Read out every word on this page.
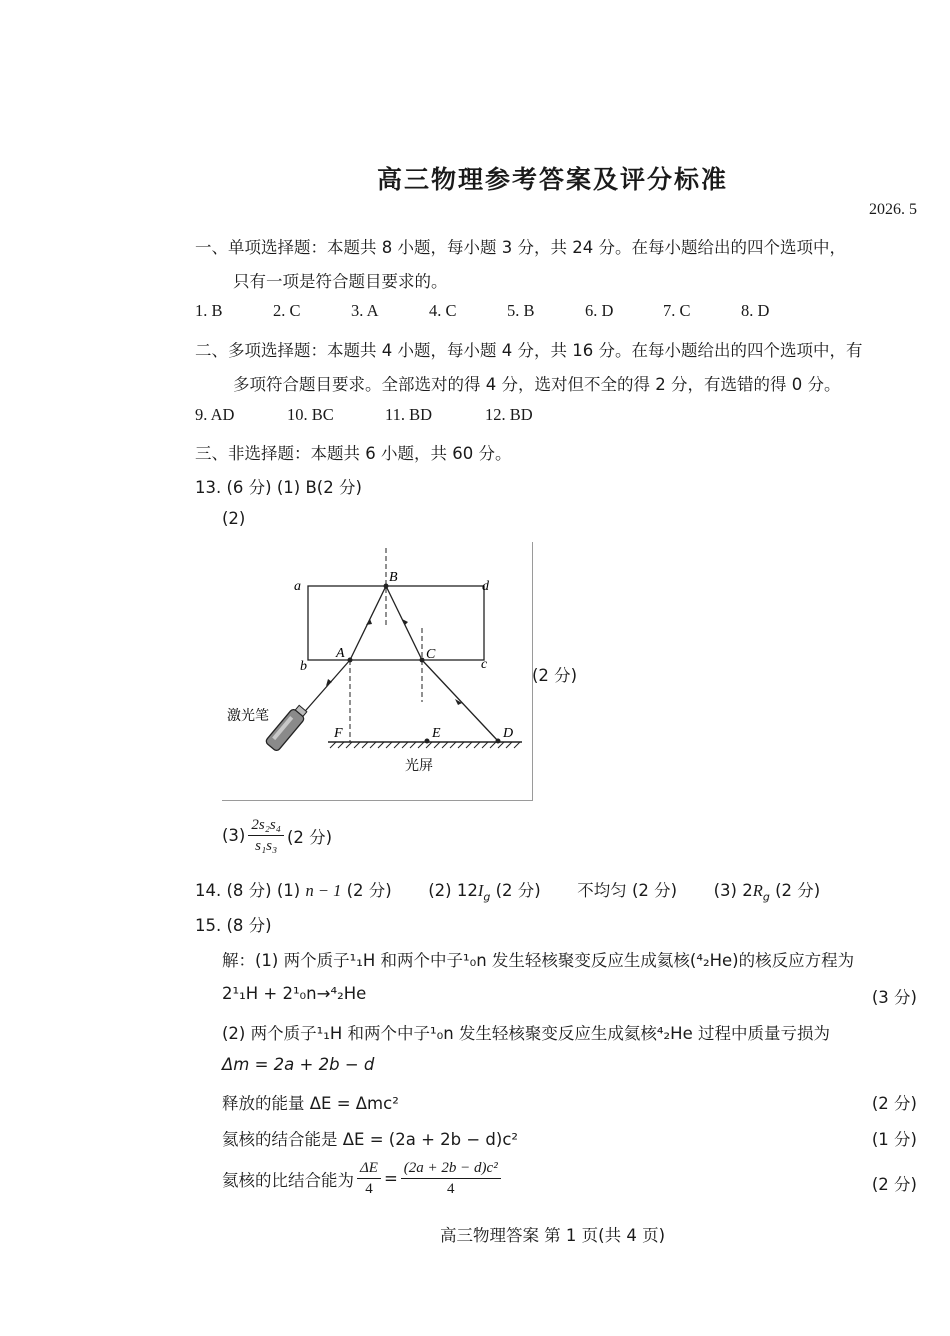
高三物理参考答案及评分标准
2026. 5
一、单项选择题：本题共 8 小题，每小题 3 分，共 24 分。在每小题给出的四个选项中，
只有一项是符合题目要求的。
1. B	2. C	3. A	4. C	5. B	6. D	7. C	8. D
二、多项选择题：本题共 4 小题，每小题 4 分，共 16 分。在每小题给出的四个选项中，有
多项符合题目要求。全部选对的得 4 分，选对但不全的得 2 分，有选错的得 0 分。
9. AD	10. BC	11. BD	12. BD
三、非选择题：本题共 6 小题，共 60 分。
13. (6 分) (1) B(2 分)
(2)
a
b
d
c
B
A	C
F	E	D
激光笔
光屏
(2 分)
$(3) \frac{\text{2s₂s₄}}{\text{s₁s₃}} (2$ 分)
14. (8 分) (1) n − 1 (2 分) (2) $12I_g$ (2 分) 不均匀 (2 分) (3) $2R_g$ (2 分)
15. (8 分)
解：(1) 两个质子¹₁H 和两个中子¹₀n 发生轻核聚变反应生成氦核(⁴₂He)的核反应方程为
2¹₁H + 2¹₀n→⁴₂He	(3 分)
(2) 两个质子¹₁H 和两个中子¹₀n 发生轻核聚变反应生成氦核⁴₂He 过程中质量亏损为
Δm = 2a + 2b − d
释放的能量 ΔE = Δmc²	(2 分)
氦核的结合能是 ΔE = (2a + 2b − d)c²	(1 分)
氦核的比结合能为 $\frac{\Delta E}{4} = \frac{\text{(2a + 2b − d)c²}}{4}$	(2 分)
高三物理答案 第 1 页(共 4 页)
